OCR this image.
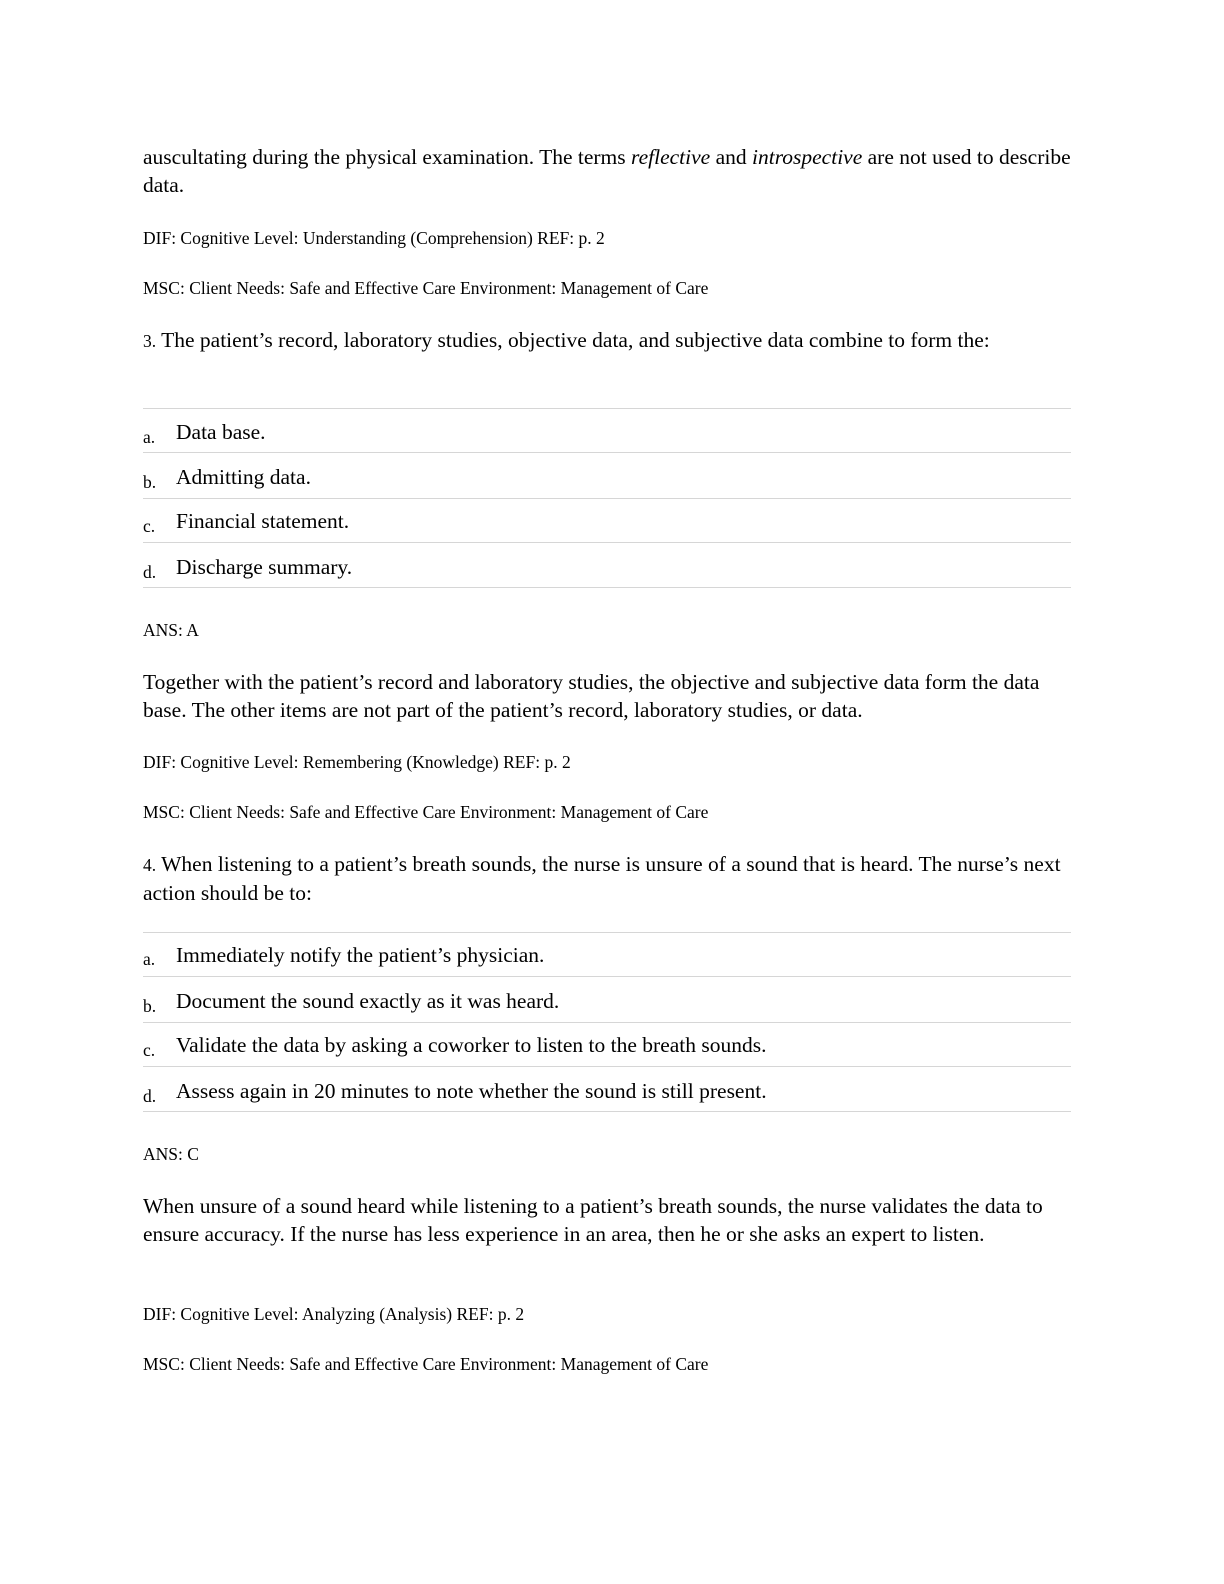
auscultating during the physical examination. The terms reflective and introspective are not used to describe data.

DIF: Cognitive Level: Understanding (Comprehension) REF: p. 2
MSC: Client Needs: Safe and Effective Care Environment: Management of Care

3. The patient’s record, laboratory studies, objective data, and subjective data combine to form the:

a. Data base.
b. Admitting data.
c. Financial statement.
d. Discharge summary.
ANS: A

Together with the patient’s record and laboratory studies, the objective and subjective data form the data base. The other items are not part of the patient’s record, laboratory studies, or data.

DIF: Cognitive Level: Remembering (Knowledge) REF: p. 2
MSC: Client Needs: Safe and Effective Care Environment: Management of Care

4. When listening to a patient’s breath sounds, the nurse is unsure of a sound that is heard. The nurse’s next action should be to:

a. Immediately notify the patient’s physician.
b. Document the sound exactly as it was heard.
c. Validate the data by asking a coworker to listen to the breath sounds.
d. Assess again in 20 minutes to note whether the sound is still present.
ANS: C

When unsure of a sound heard while listening to a patient’s breath sounds, the nurse validates the data to ensure accuracy. If the nurse has less experience in an area, then he or she asks an expert to listen.

DIF: Cognitive Level: Analyzing (Analysis) REF: p. 2
MSC: Client Needs: Safe and Effective Care Environment: Management of Care
